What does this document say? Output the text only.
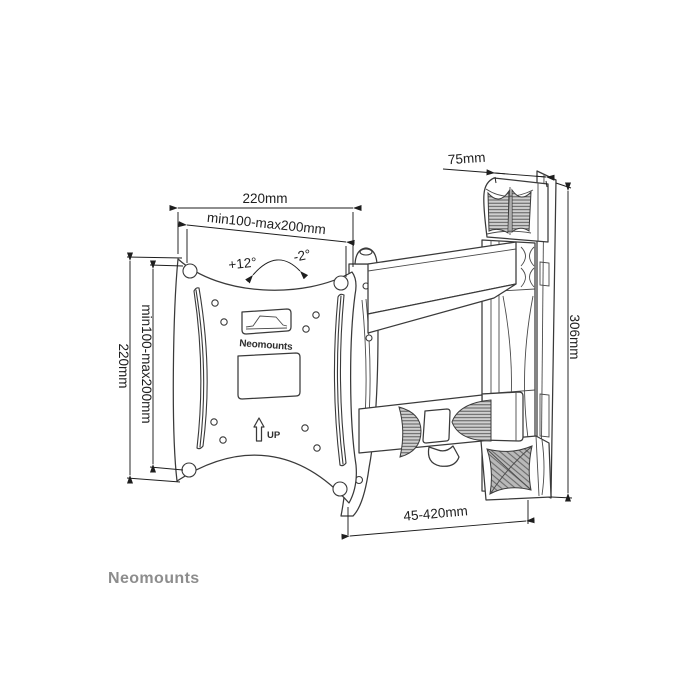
Neomounts
UP
220mm
min100-max200mm
75mm
306mm
220mm min100-max200mm
45-420mm
+12°	-2°
Neomounts
